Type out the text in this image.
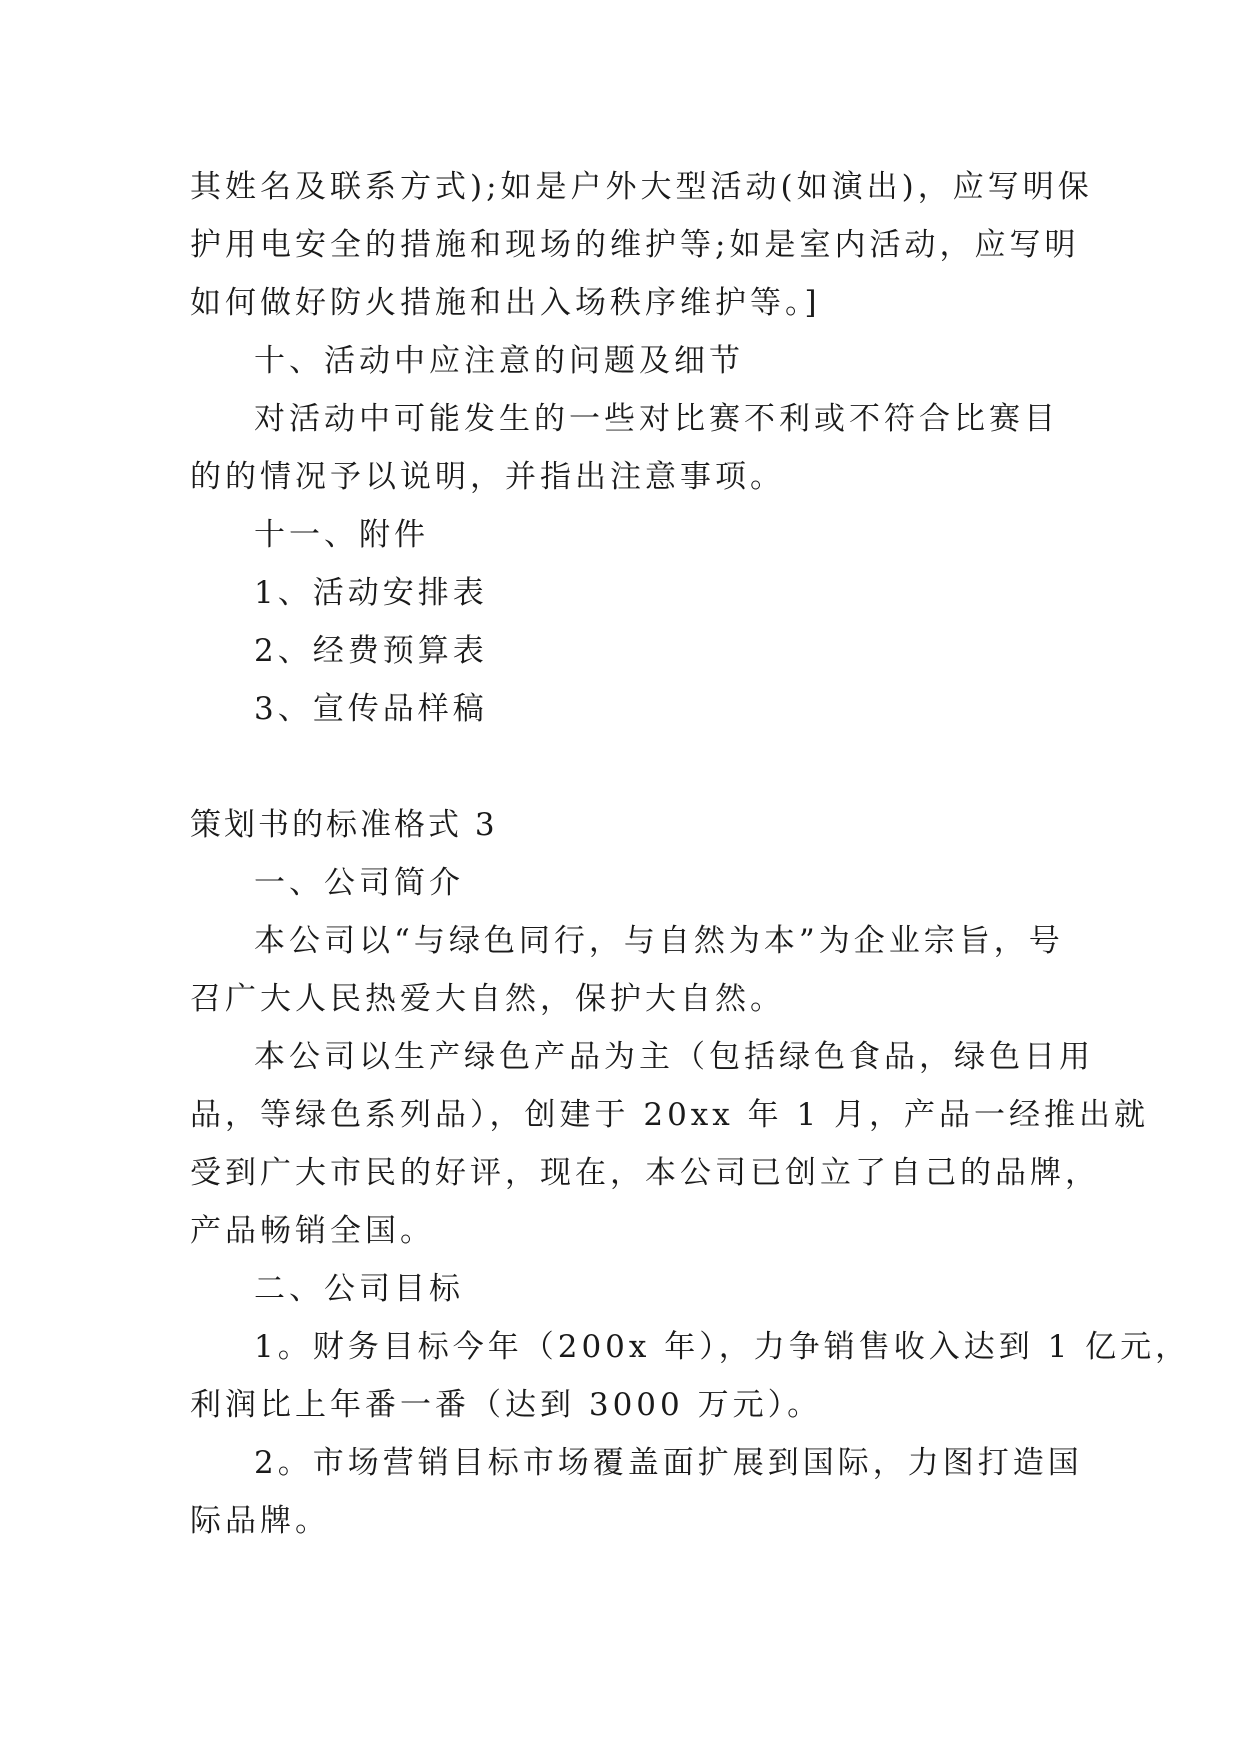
其姓名及联系方式);如是户外大型活动(如演出)，应写明保
护用电安全的措施和现场的维护等;如是室内活动，应写明
如何做好防火措施和出入场秩序维护等。]
十、活动中应注意的问题及细节
对活动中可能发生的一些对比赛不利或不符合比赛目
的的情况予以说明，并指出注意事项。
十一、附件
1、活动安排表
2、经费预算表
3、宣传品样稿
策划书的标准格式 3
一、公司简介
本公司以“与绿色同行，与自然为本”为企业宗旨，号
召广大人民热爱大自然，保护大自然。
本公司以生产绿色产品为主（包括绿色食品，绿色日用
品，等绿色系列品），创建于 20xx 年 1 月，产品一经推出就
受到广大市民的好评，现在，本公司已创立了自己的品牌，
产品畅销全国。
二、公司目标
1。财务目标今年（200x 年），力争销售收入达到 1 亿元，
利润比上年番一番（达到 3000 万元）。
2。市场营销目标市场覆盖面扩展到国际，力图打造国
际品牌。
